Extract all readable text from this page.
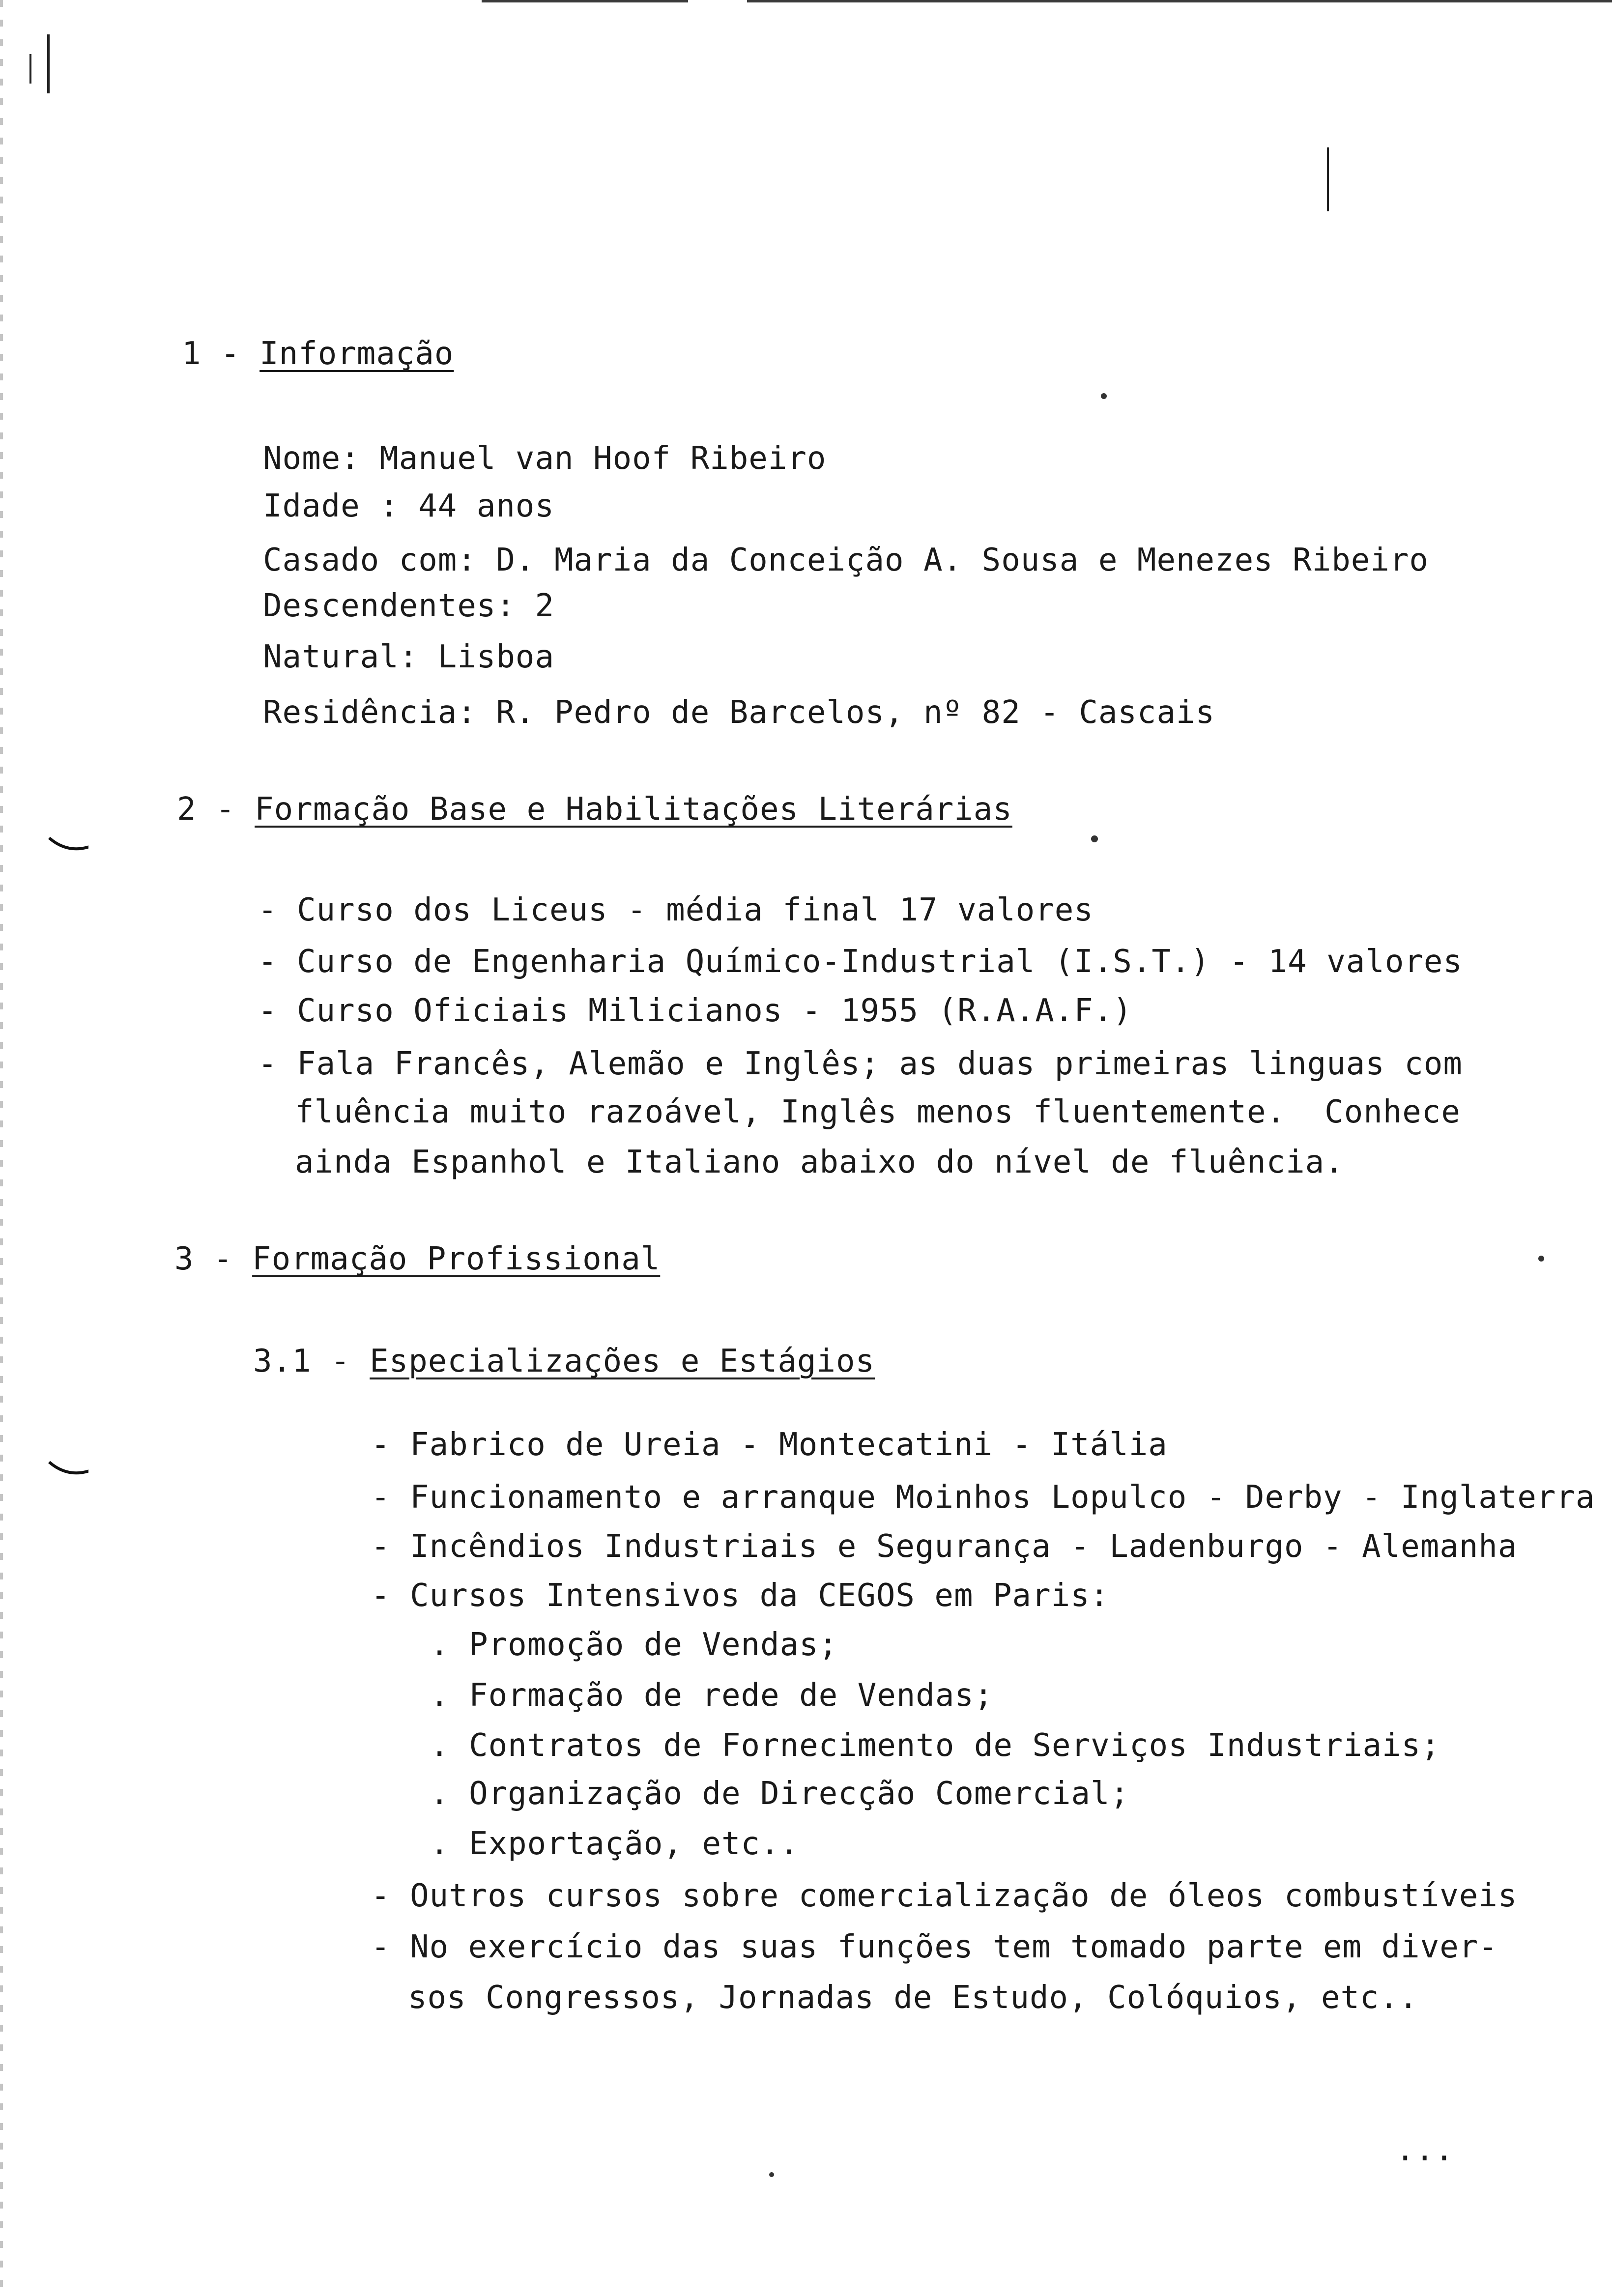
1 - Informação
Nome: Manuel van Hoof Ribeiro
Idade : 44 anos
Casado com: D. Maria da Conceição A. Sousa e Menezes Ribeiro
Descendentes: 2
Natural: Lisboa
Residência: R. Pedro de Barcelos, nº 82 - Cascais
2 - Formação Base e Habilitações Literárias
- Curso dos Liceus - média final 17 valores
- Curso de Engenharia Químico-Industrial (I.S.T.) - 14 valores
- Curso Oficiais Milicianos - 1955 (R.A.A.F.)
- Fala Francês, Alemão e Inglês; as duas primeiras linguas com
fluência muito razoável, Inglês menos fluentemente.  Conhece
ainda Espanhol e Italiano abaixo do nível de fluência.
3 - Formação Profissional
3.1 - Especializações e Estágios
- Fabrico de Ureia - Montecatini - Itália
- Funcionamento e arranque Moinhos Lopulco - Derby - Inglaterra
- Incêndios Industriais e Segurança - Ladenburgo - Alemanha
- Cursos Intensivos da CEGOS em Paris:
. Promoção de Vendas;
. Formação de rede de Vendas;
. Contratos de Fornecimento de Serviços Industriais;
. Organização de Direcção Comercial;
. Exportação, etc..
- Outros cursos sobre comercialização de óleos combustíveis
- No exercício das suas funções tem tomado parte em diver-
sos Congressos, Jornadas de Estudo, Colóquios, etc..
...
